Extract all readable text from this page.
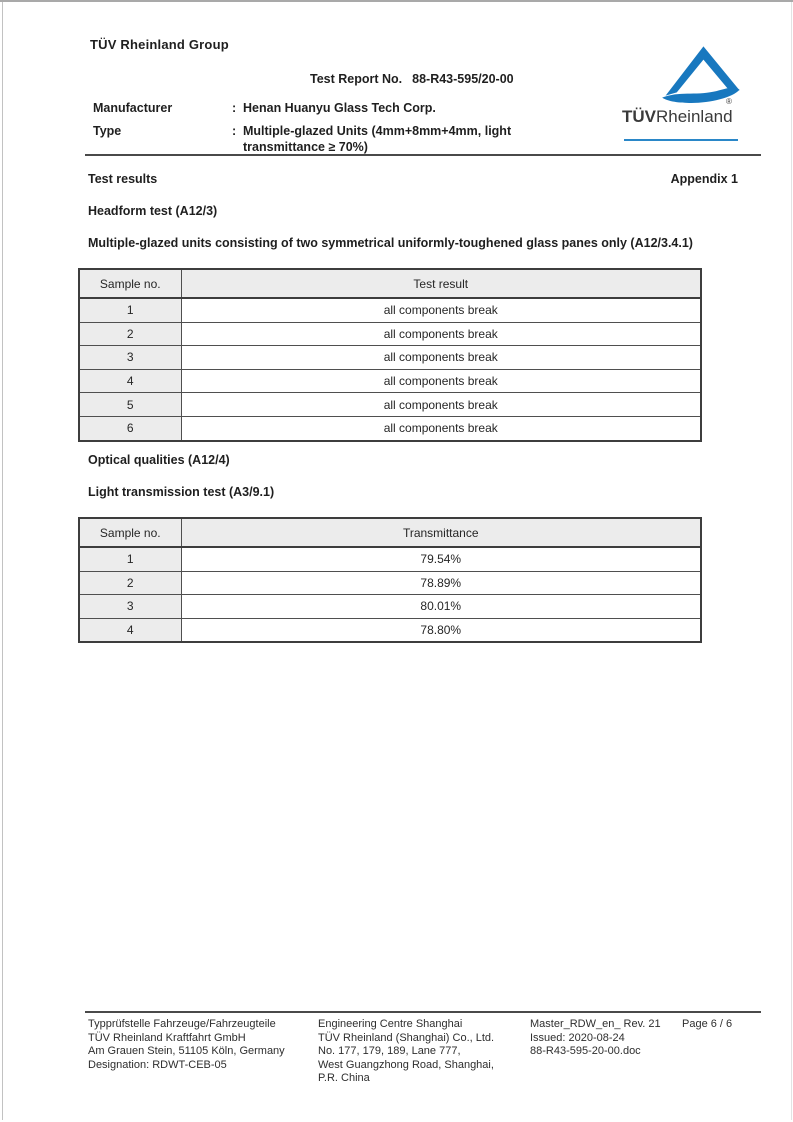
TÜV Rheinland Group
Test Report No. 88-R43-595/20-00
Manufacturer	: Henan Huanyu Glass Tech Corp.
Type	: Multiple-glazed Units (4mm+8mm+4mm, light transmittance ≥ 70%)
TÜVRheinland
®
Test results	Appendix 1
Headform test (A12/3)
Multiple-glazed units consisting of two symmetrical uniformly-toughened glass panes only (A12/3.4.1)
Sample no.	Test result
1	all components break
2	all components break
3	all components break
4	all components break
5	all components break
6	all components break
Optical qualities (A12/4)
Light transmission test (A3/9.1)
Sample no.	Transmittance
1	79.54%
2	78.89%
3	80.01%
4	78.80%
Typprüfstelle Fahrzeuge/Fahrzeugteile
TÜV Rheinland Kraftfahrt GmbH
Am Grauen Stein, 51105 Köln, Germany
Designation: RDWT-CEB-05
Engineering Centre Shanghai
TÜV Rheinland (Shanghai) Co., Ltd.
No. 177, 179, 189, Lane 777,
West Guangzhong Road, Shanghai,
P.R. China
Master_RDW_en_ Rev. 21
Issued: 2020-08-24
88-R43-595-20-00.doc
Page 6 / 6
